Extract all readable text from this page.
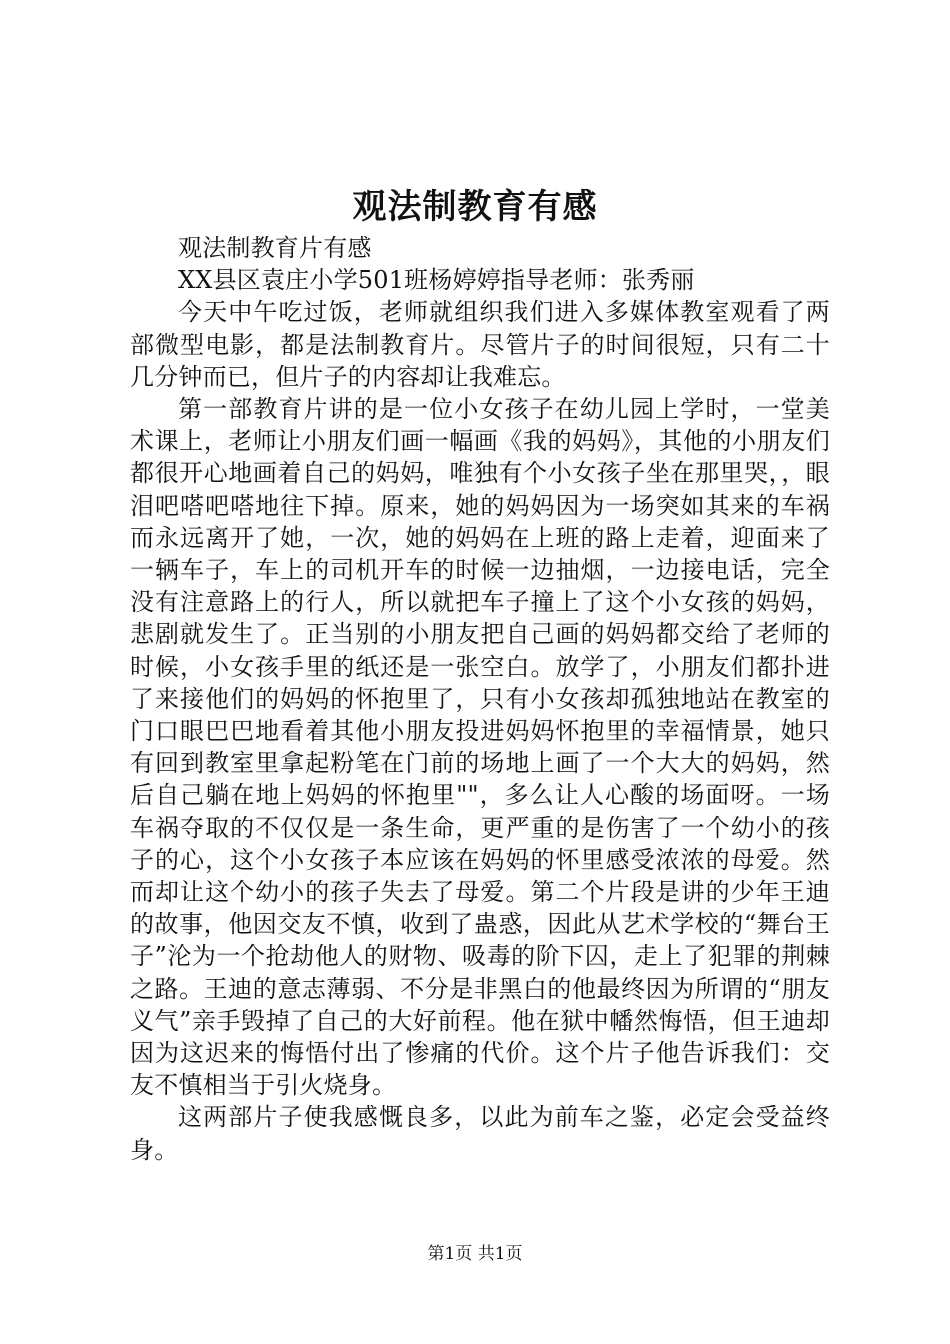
观法制教育有感

观法制教育片有感

XX县区袁庄小学501班杨婷婷指导老师：张秀丽

今天中午吃过饭，老师就组织我们进入多媒体教室观看了两部微型电影，都是法制教育片。尽管片子的时间很短，只有二十几分钟而已，但片子的内容却让我难忘。

第一部教育片讲的是一位小女孩子在幼儿园上学时，一堂美术课上，老师让小朋友们画一幅画《我的妈妈》，其他的小朋友们都很开心地画着自己的妈妈，唯独有个小女孩子坐在那里哭，，眼泪吧嗒吧嗒地往下掉。原来，她的妈妈因为一场突如其来的车祸而永远离开了她，一次，她的妈妈在上班的路上走着，迎面来了一辆车子，车上的司机开车的时候一边抽烟，一边接电话，完全没有注意路上的行人，所以就把车子撞上了这个小女孩的妈妈，悲剧就发生了。正当别的小朋友把自己画的妈妈都交给了老师的时候，小女孩手里的纸还是一张空白。放学了，小朋友们都扑进了来接他们的妈妈的怀抱里了，只有小女孩却孤独地站在教室的门口眼巴巴地看着其他小朋友投进妈妈怀抱里的幸福情景，她只有回到教室里拿起粉笔在门前的场地上画了一个大大的妈妈，然后自己躺在地上妈妈的怀抱里""，多么让人心酸的场面呀。一场车祸夺取的不仅仅是一条生命，更严重的是伤害了一个幼小的孩子的心，这个小女孩子本应该在妈妈的怀里感受浓浓的母爱。然而却让这个幼小的孩子失去了母爱。第二个片段是讲的少年王迪的故事，他因交友不慎，收到了蛊惑，因此从艺术学校的“舞台王子”沦为一个抢劫他人的财物、吸毒的阶下囚，走上了犯罪的荆棘之路。王迪的意志薄弱、不分是非黑白的他最终因为所谓的“朋友义气”亲手毁掉了自己的大好前程。他在狱中幡然悔悟，但王迪却因为这迟来的悔悟付出了惨痛的代价。这个片子他告诉我们：交友不慎相当于引火烧身。

这两部片子使我感慨良多，以此为前车之鉴，必定会受益终身。

第1页 共1页
